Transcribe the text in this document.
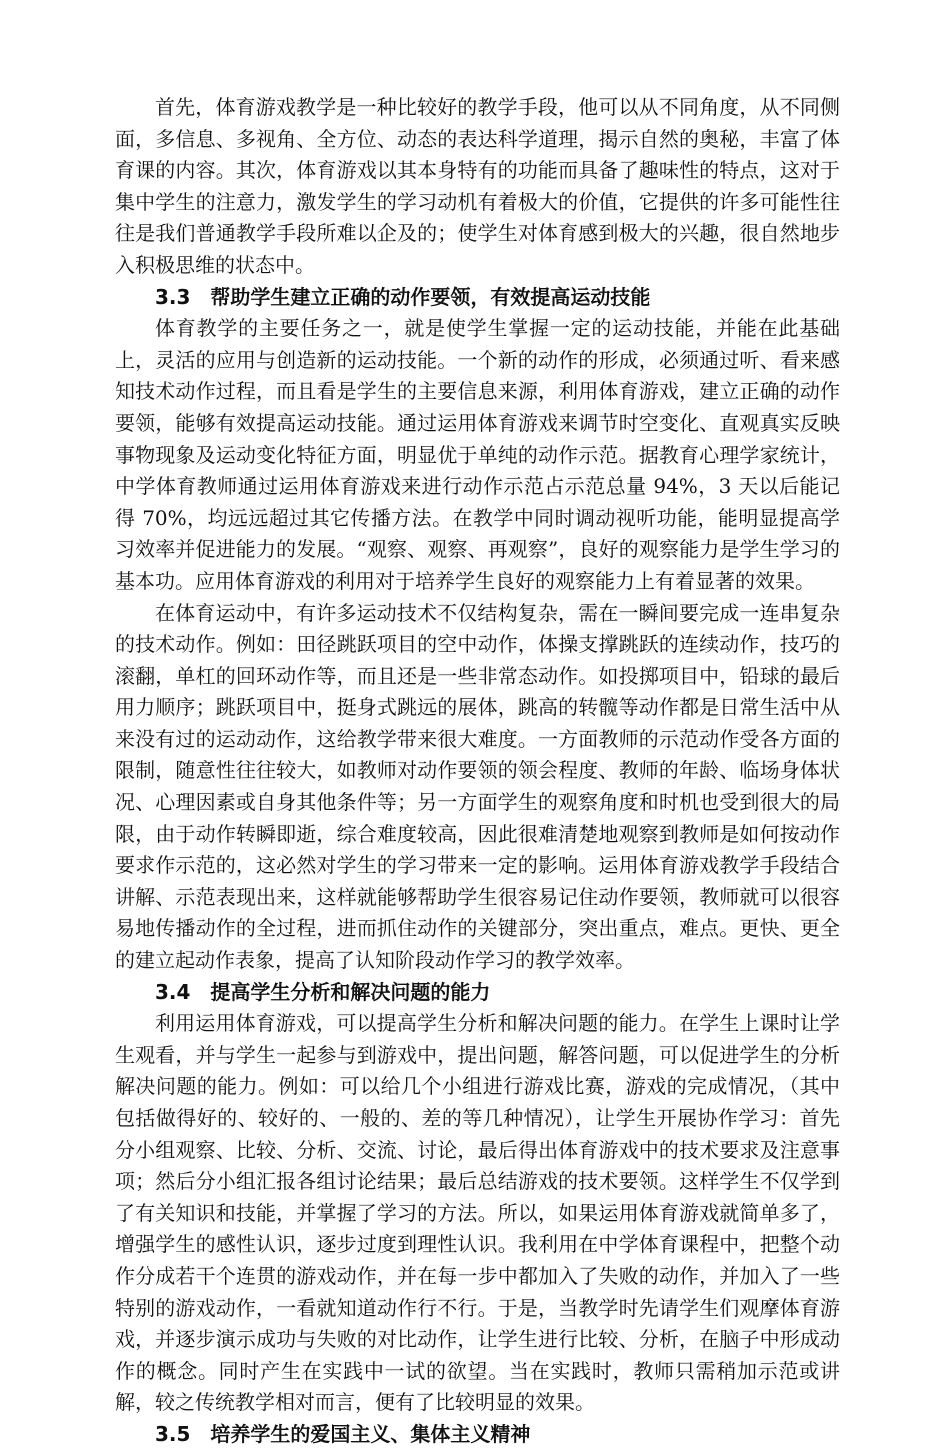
首先，体育游戏教学是一种比较好的教学手段，他可以从不同角度，从不同侧面，多信息、多视角、全方位、动态的表达科学道理，揭示自然的奥秘，丰富了体育课的内容。其次，体育游戏以其本身特有的功能而具备了趣味性的特点，这对于集中学生的注意力，激发学生的学习动机有着极大的价值，它提供的许多可能性往往是我们普通教学手段所难以企及的；使学生对体育感到极大的兴趣，很自然地步入积极思维的状态中。

3.3　帮助学生建立正确的动作要领，有效提高运动技能

体育教学的主要任务之一，就是使学生掌握一定的运动技能，并能在此基础上，灵活的应用与创造新的运动技能。一个新的动作的形成，必须通过听、看来感知技术动作过程，而且看是学生的主要信息来源，利用体育游戏，建立正确的动作要领，能够有效提高运动技能。通过运用体育游戏来调节时空变化、直观真实反映事物现象及运动变化特征方面，明显优于单纯的动作示范。据教育心理学家统计，中学体育教师通过运用体育游戏来进行动作示范占示范总量 94%，3 天以后能记得 70%，均远远超过其它传播方法。在教学中同时调动视听功能，能明显提高学习效率并促进能力的发展。“观察、观察、再观察”，良好的观察能力是学生学习的基本功。应用体育游戏的利用对于培养学生良好的观察能力上有着显著的效果。

在体育运动中，有许多运动技术不仅结构复杂，需在一瞬间要完成一连串复杂的技术动作。例如：田径跳跃项目的空中动作，体操支撑跳跃的连续动作，技巧的滚翻，单杠的回环动作等，而且还是一些非常态动作。如投掷项目中，铅球的最后用力顺序；跳跃项目中，挺身式跳远的展体，跳高的转髋等动作都是日常生活中从来没有过的运动动作，这给教学带来很大难度。一方面教师的示范动作受各方面的限制，随意性往往较大，如教师对动作要领的领会程度、教师的年龄、临场身体状况、心理因素或自身其他条件等；另一方面学生的观察角度和时机也受到很大的局限，由于动作转瞬即逝，综合难度较高，因此很难清楚地观察到教师是如何按动作要求作示范的，这必然对学生的学习带来一定的影响。运用体育游戏教学手段结合讲解、示范表现出来，这样就能够帮助学生很容易记住动作要领，教师就可以很容易地传播动作的全过程，进而抓住动作的关键部分，突出重点，难点。更快、更全的建立起动作表象，提高了认知阶段动作学习的教学效率。

3.4　提高学生分析和解决问题的能力

利用运用体育游戏，可以提高学生分析和解决问题的能力。在学生上课时让学生观看，并与学生一起参与到游戏中，提出问题，解答问题，可以促进学生的分析解决问题的能力。例如：可以给几个小组进行游戏比赛，游戏的完成情况，（其中包括做得好的、较好的、一般的、差的等几种情况），让学生开展协作学习：首先分小组观察、比较、分析、交流、讨论，最后得出体育游戏中的技术要求及注意事项；然后分小组汇报各组讨论结果；最后总结游戏的技术要领。这样学生不仅学到了有关知识和技能，并掌握了学习的方法。所以，如果运用体育游戏就简单多了，增强学生的感性认识，逐步过度到理性认识。我利用在中学体育课程中，把整个动作分成若干个连贯的游戏动作，并在每一步中都加入了失败的动作，并加入了一些特别的游戏动作，一看就知道动作行不行。于是，当教学时先请学生们观摩体育游戏，并逐步演示成功与失败的对比动作，让学生进行比较、分析，在脑子中形成动作的概念。同时产生在实践中一试的欲望。当在实践时，教师只需稍加示范或讲解，较之传统教学相对而言，便有了比较明显的效果。

3.5　培养学生的爱国主义、集体主义精神
